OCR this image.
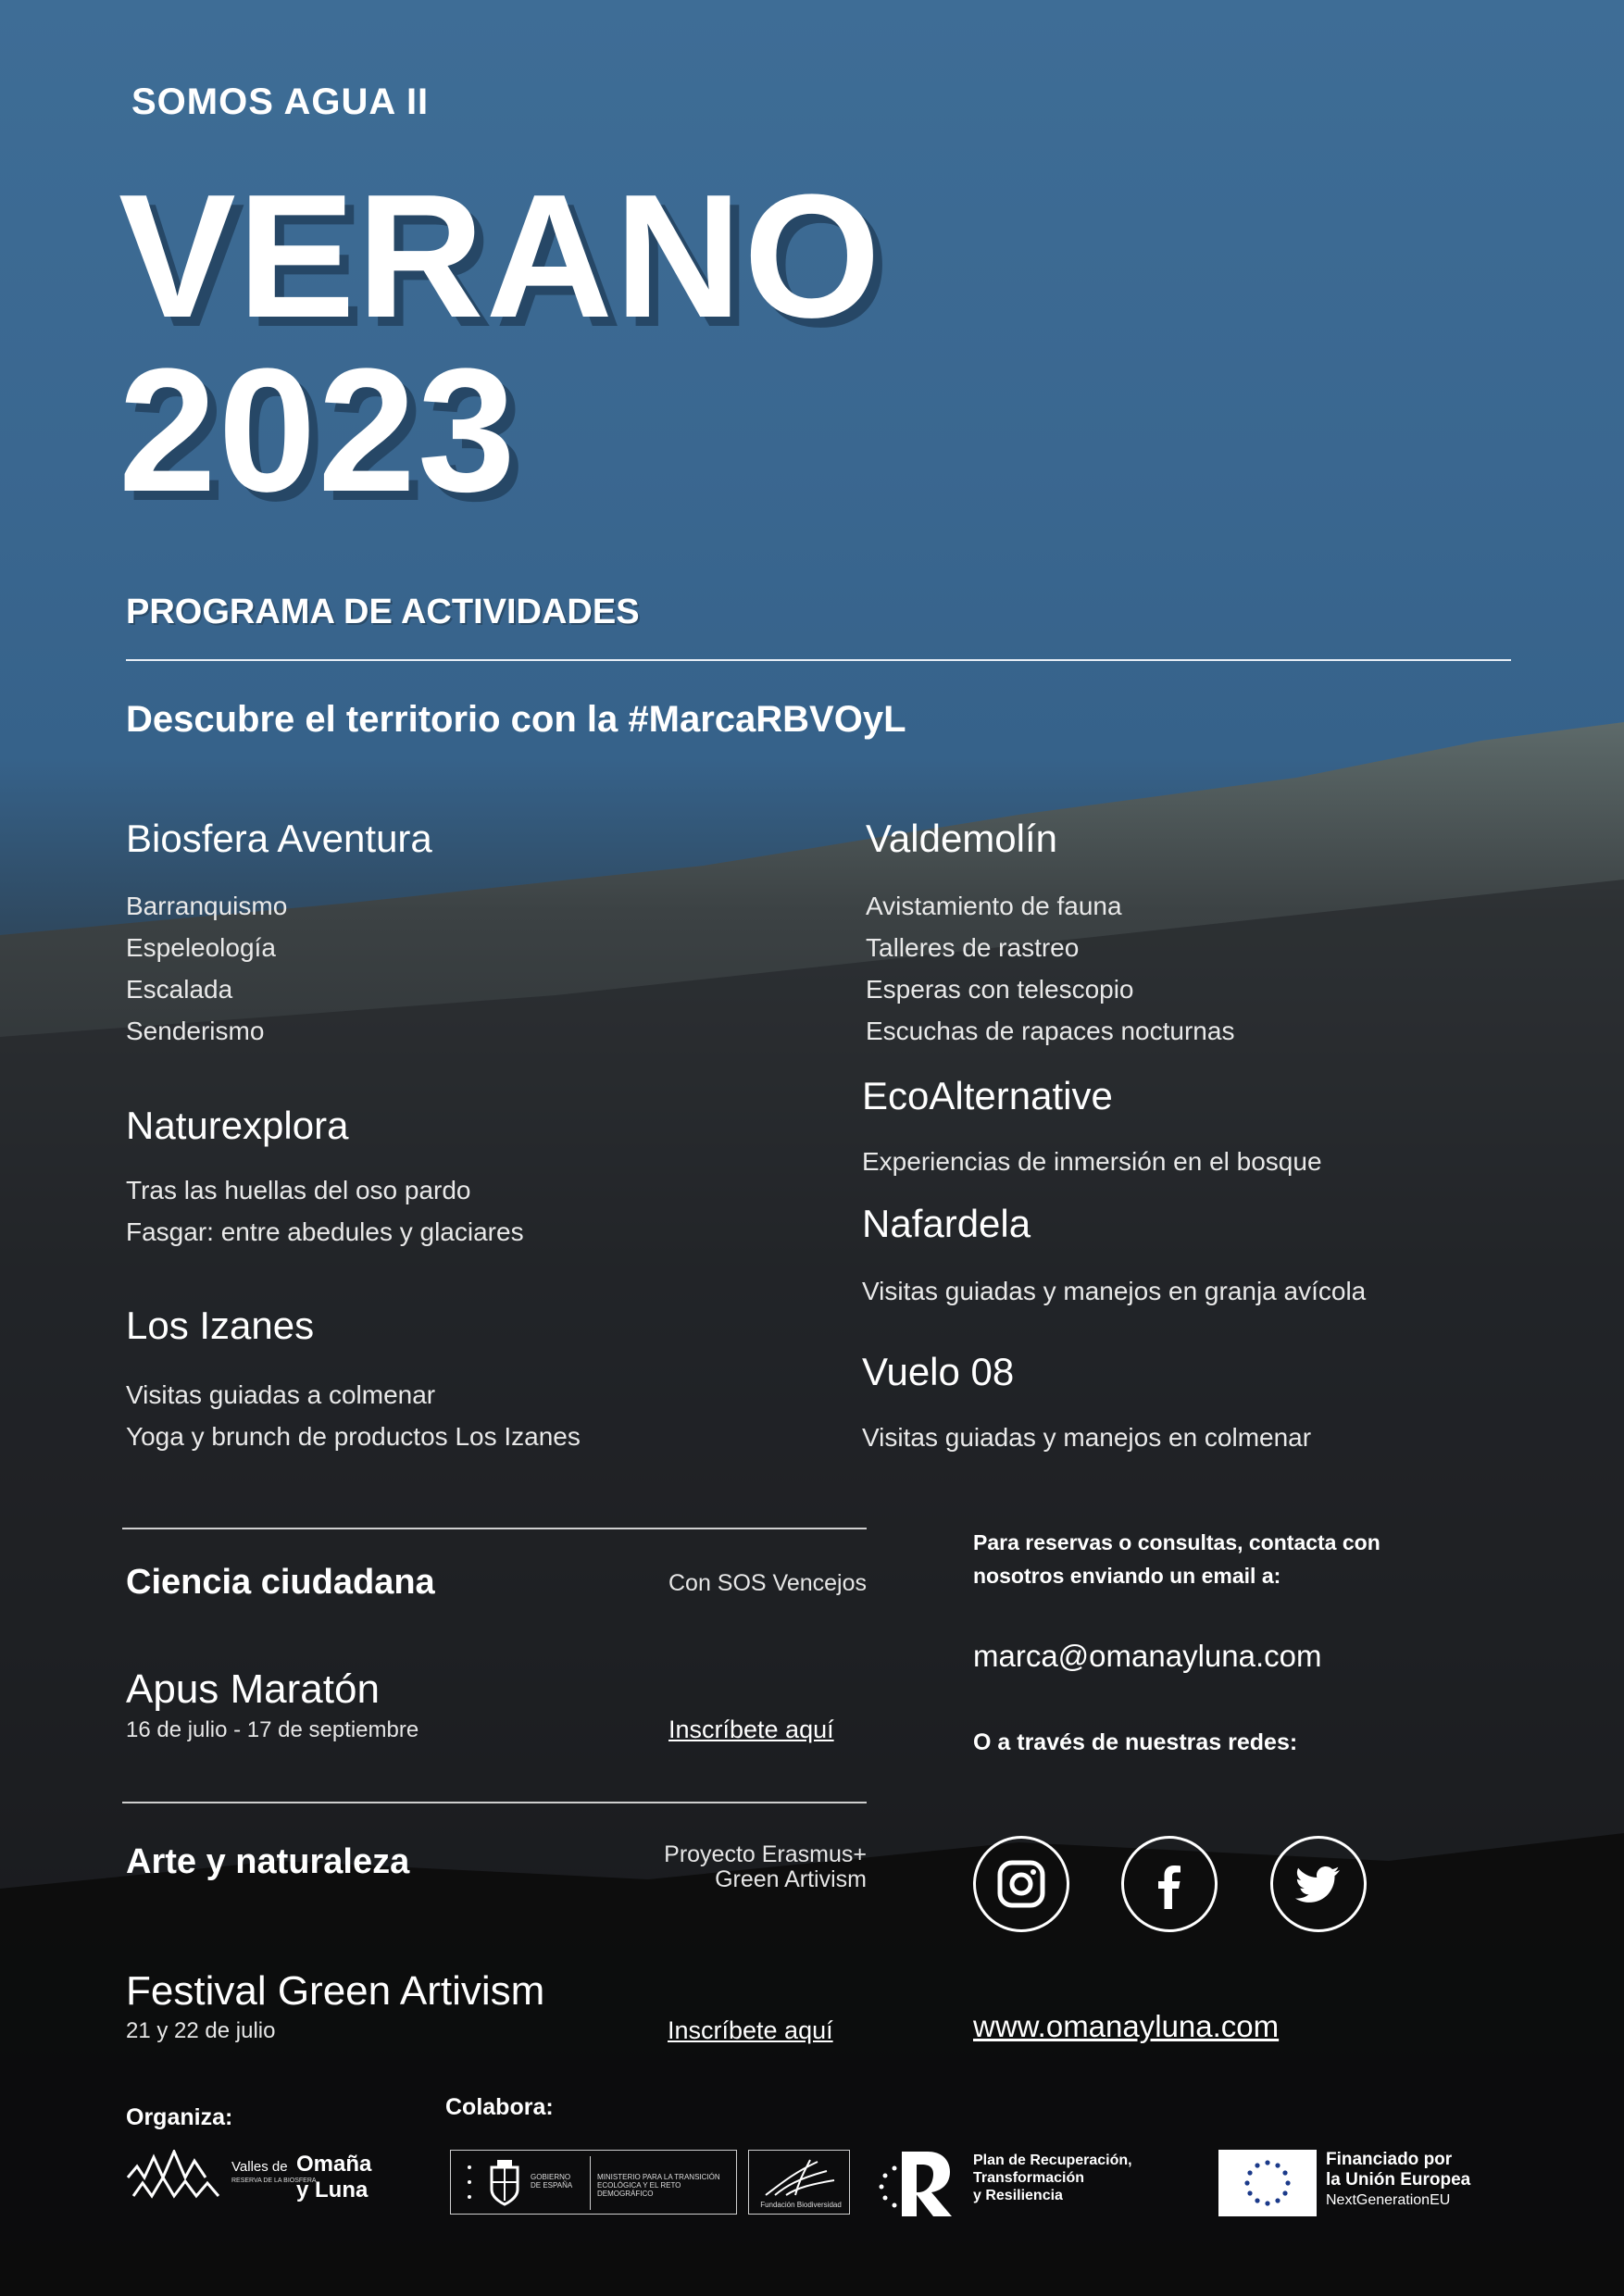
SOMOS AGUA II
VERANO
2023
PROGRAMA DE ACTIVIDADES
Descubre el territorio con la #MarcaRBVOyL
Biosfera Aventura
Barranquismo
Espeleología
Escalada
Senderismo
Naturexplora
Tras las huellas del oso pardo
Fasgar: entre abedules y glaciares
Los Izanes
Visitas guiadas a colmenar
Yoga y brunch de productos Los Izanes
Valdemolín
Avistamiento de fauna
Talleres de rastreo
Esperas con telescopio
Escuchas de rapaces nocturnas
EcoAlternative
Experiencias de inmersión en el bosque
Nafardela
Visitas guiadas y manejos en granja avícola
Vuelo 08
Visitas guiadas y manejos en colmenar
Ciencia ciudadana	Con SOS Vencejos
Apus Maratón
16 de julio - 17 de septiembre	Inscríbete aquí
Arte y naturaleza	Proyecto Erasmus+
Green Artivism
Festival Green Artivism
21 y 22 de julio	Inscríbete aquí
Para reservas o consultas, contacta con
nosotros enviando un email a:
marca@omanayluna.com
O a través de nuestras redes:
www.omanayluna.com
Organiza:
Valles de
RESERVA DE LA BIOSFERA
Omaña
y Luna
Colabora:
GOBIERNO
DE ESPAÑA
MINISTERIO PARA LA TRANSICIÓN ECOLÓGICA Y EL RETO DEMOGRÁFICO
Fundación Biodiversidad
Plan de Recuperación,
Transformación
y Resiliencia
Financiado por
la Unión Europea
NextGenerationEU
